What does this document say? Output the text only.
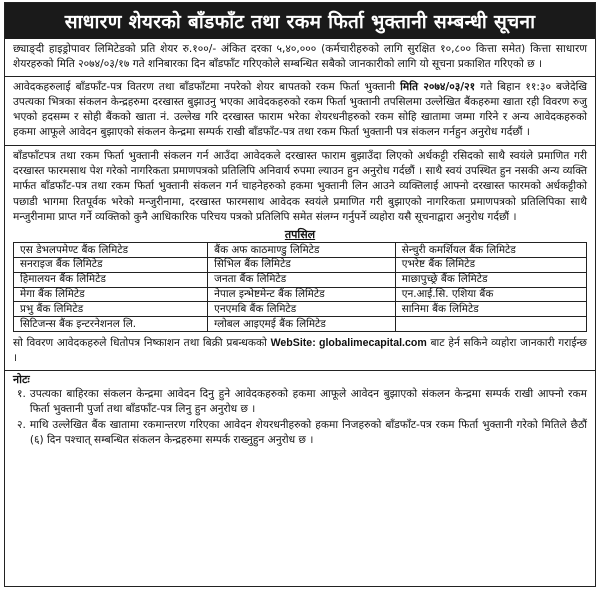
साधारण शेयरको बाँडफाँट तथा रकम फिर्ता भुक्तानी सम्बन्धी सूचना
छ्याङ्दी हाइड्रोपावर लिमिटेडको प्रति शेयर रु.१००/- अंकित दरका ५,४०,००० (कर्मचारीहरुको लागि सुरक्षित १०,८०० कित्ता समेत) कित्ता साधारण शेयरहरुको मिति २०७४/०३/१७ गते शनिबारका दिन बाँडफाँट गरिएकोले सम्बन्धित सबैको जानकारीको लागि यो सूचना प्रकाशित गरिएको छ ।
आवेदकहरुलाई बाँडफाँट-पत्र वितरण तथा बाँडफाँटमा नपरेको शेयर बापतको रकम फिर्ता भुक्तानी मिति २०७४/०३/२१ गते बिहान ११:३० बजेदेखि उपत्यका भित्रका संकलन केन्द्रहरुमा दरखास्त बुझाउनु भएका आवेदकहरुको रकम फिर्ता भुक्तानी तपसिलमा उल्लेखित बैंकहरुमा खाता रही विवरण रुजु भएको हदसम्म र सोही बैंकको खाता नं. उल्लेख गरि दरखास्त फाराम भरेका शेयरधनीहरुको रकम सोहि खातामा जम्मा गरिने र अन्य आवेदकहरुको हकमा आफूले आवेदन बुझाएको संकलन केन्द्रमा सम्पर्क राखी बाँडफाँट-पत्र तथा रकम फिर्ता भुक्तानी पत्र संकलन गर्नहुन अनुरोध गर्दछौं ।
बाँडफाँटपत्र तथा रकम फिर्ता भुक्तानी संकलन गर्न आउँदा आवेदकले दरखास्त फाराम बुझाउँदा लिएको अर्धकट्टी रसिदको साथै स्वयंले प्रमाणित गरी दरखास्त फारमसाथ पेश गरेको नागरिकता प्रमाणपत्रको प्रतिलिपि अनिवार्य रुपमा ल्याउन हुन अनुरोध गर्दछौं । साथै स्वयं उपस्थित हुन नसकी अन्य व्यक्ति मार्फत बाँडफाँट-पत्र तथा रकम फिर्ता भुक्तानी संकलन गर्न चाहनेहरुको हकमा भुक्तानी लिन आउने व्यक्तिलाई आफ्नो दरखास्त फारमको अर्धकट्टीको पछाडी भागमा रितपूर्वक भरेको मन्जुरीनामा, दरखास्त फारमसाथ आवेदक स्वयंले प्रमाणित गरी बुझाएको नागरिकता प्रमाणपत्रको प्रतिलिपिका साथै मन्जुरीनामा प्राप्त गर्ने व्यक्तिको कुनै आधिकारिक परिचय पत्रको प्रतिलिपि समेत संलग्न गर्नुपर्ने व्यहोरा यसै सूचनाद्वारा अनुरोध गर्दछौं ।
तपसिल
एस डेभलपमेण्ट बैंक लिमिटेड	बैंक अफ काठमाण्डु लिमिटेड	सेन्चुरी कमर्शियल बैंक लिमिटेड
सनराइज बैंक लिमिटेड	सिभिल बैंक लिमिटेड	एभरेष्ट बैंक लिमिटेड
हिमालयन बैंक लिमिटेड	जनता बैंक लिमिटेड	माछापुच्छ्रे बैंक लिमिटेड
मेगा बैंक लिमिटेड	नेपाल इन्भेष्टमेन्ट बैंक लिमिटेड	एन.आई.सि. एशिया बैंक
प्रभु बैंक लिमिटेड	एनएमबि बैंक लिमिटेड	सानिमा बैंक लिमिटेड
सिटिजन्स बैंक इन्टरनेशनल लि.	ग्लोबल आइएमई बैंक लिमिटेड	
सो विवरण आवेदकहरुले धितोपत्र निष्काशन तथा बिक्री प्रबन्धकको WebSite: globalimecapital.com बाट हेर्न सकिने व्यहोरा जानकारी गराईन्छ ।
नोटः
१. उपत्यका बाहिरका संकलन केन्द्रमा आवेदन दिनु हुने आवेदकहरुको हकमा आफूले आवेदन बुझाएको संकलन केन्द्रमा सम्पर्क राखी आफ्नो रकम फिर्ता भुक्तानी पुर्जा तथा बाँडफाँट-पत्र लिनु हुन अनुरोध छ ।
२. माथि उल्लेखित बैंक खातामा रकमान्तरण गरिएका आवेदन शेयरधनीहरुको हकमा निजहरुको बाँडफाँट-पत्र रकम फिर्ता भुक्तानी गरेको मितिले छैठौं (६) दिन पश्चात् सम्बन्धित संकलन केन्द्रहरुमा सम्पर्क राख्नुहुन अनुरोध छ ।
